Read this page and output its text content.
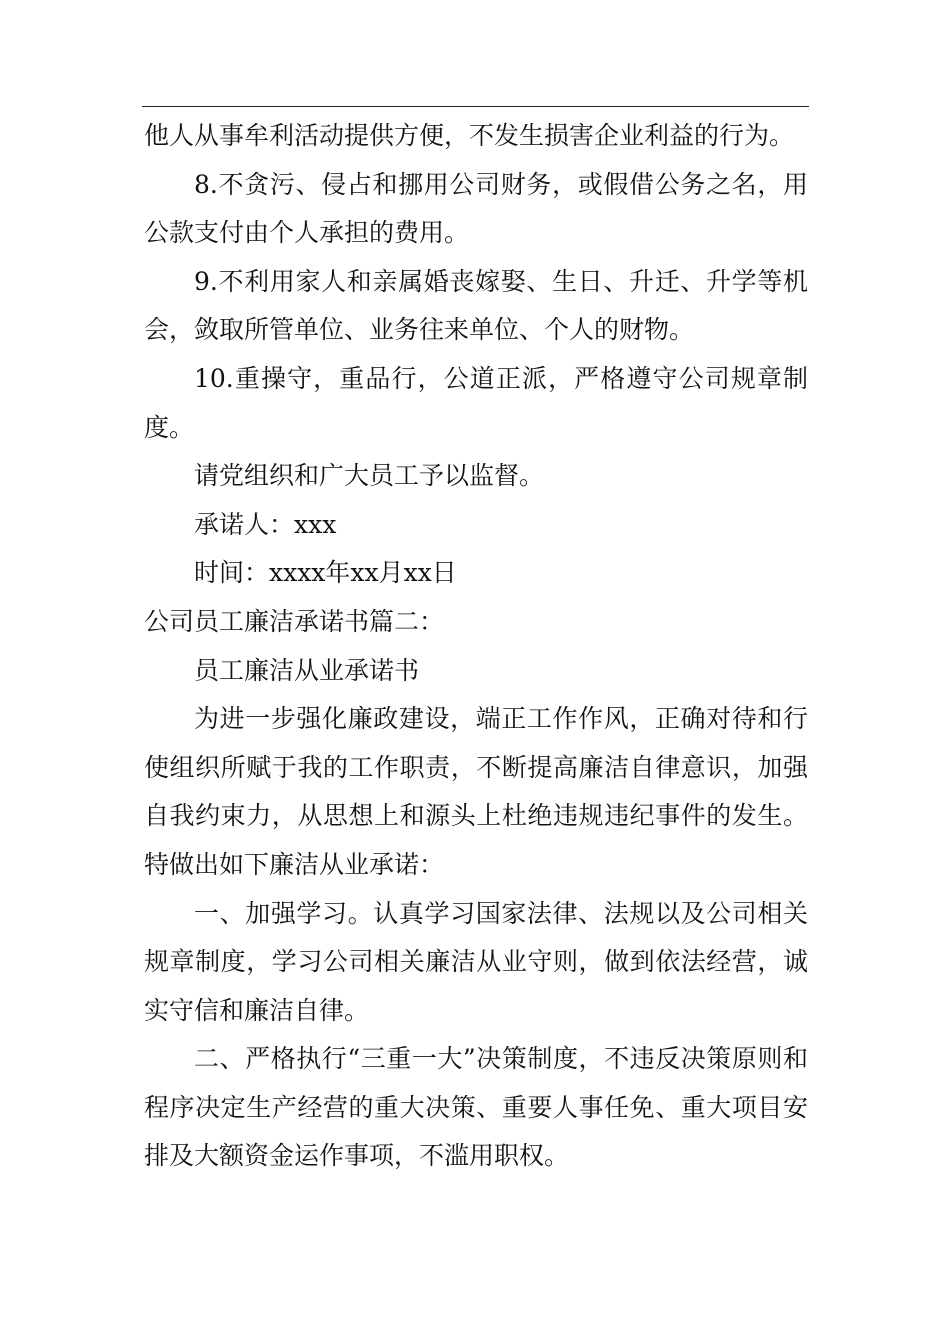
他人从事牟利活动提供方便，不发生损害企业利益的行为。

8.不贪污、侵占和挪用公司财务，或假借公务之名，用公款支付由个人承担的费用。

9.不利用家人和亲属婚丧嫁娶、生日、升迁、升学等机会，敛取所管单位、业务往来单位、个人的财物。

10.重操守，重品行，公道正派，严格遵守公司规章制度。

请党组织和广大员工予以监督。

承诺人：xxx

时间：xxxx年xx月xx日

公司员工廉洁承诺书篇二：

员工廉洁从业承诺书

为进一步强化廉政建设，端正工作作风，正确对待和行使组织所赋于我的工作职责，不断提高廉洁自律意识，加强自我约束力，从思想上和源头上杜绝违规违纪事件的发生。特做出如下廉洁从业承诺：

一、加强学习。认真学习国家法律、法规以及公司相关规章制度，学习公司相关廉洁从业守则，做到依法经营，诚实守信和廉洁自律。

二、严格执行“三重一大”决策制度，不违反决策原则和程序决定生产经营的重大决策、重要人事任免、重大项目安排及大额资金运作事项，不滥用职权。
